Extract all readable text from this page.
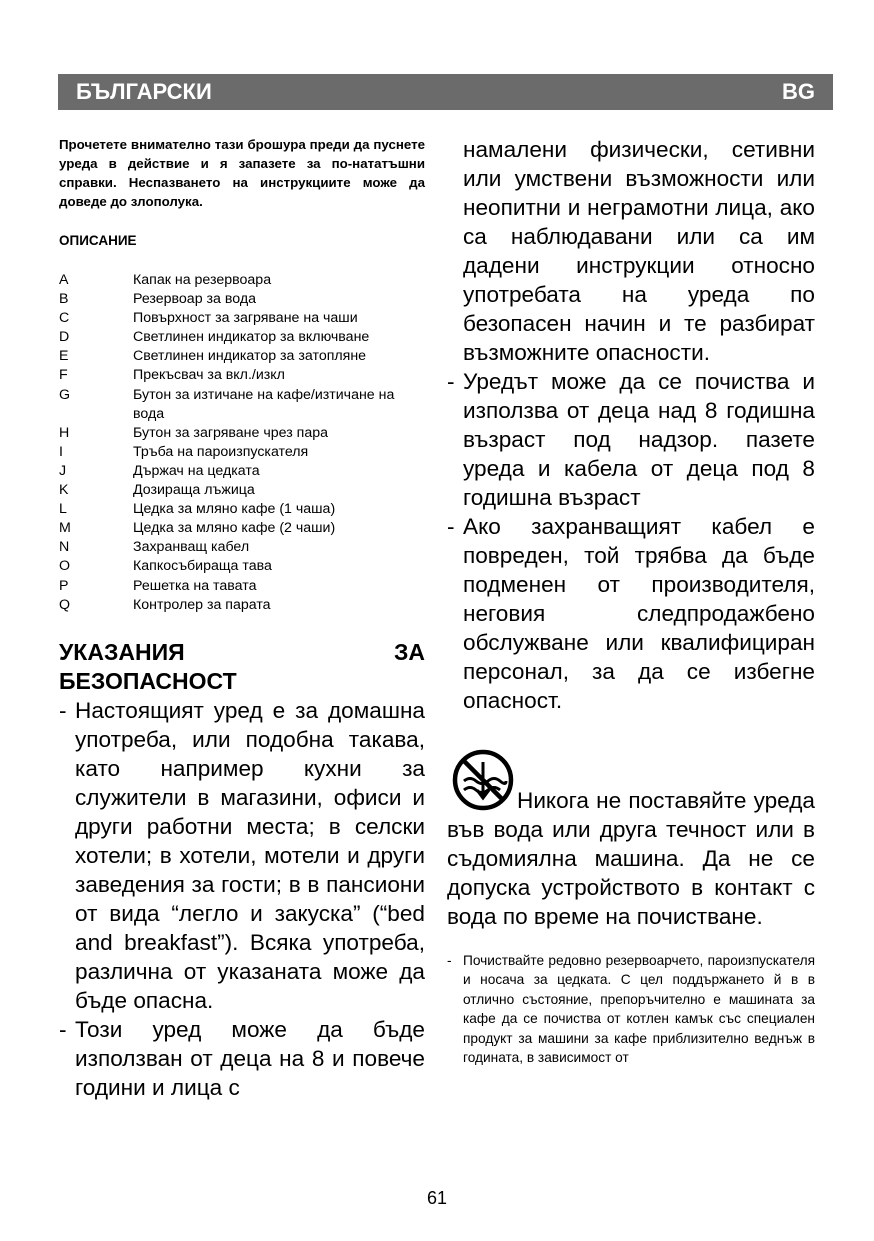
БЪЛГАРСКИ	BG

Прочетете внимателно тази брошура преди да пуснете уреда в действие и я запазете за по-нататъшни справки. Неспазването на инструкциите може да доведе до злополука.

ОПИСАНИЕ
A	Капак на резервоара
B	Резервоар за вода
C	Повърхност за загряване на чаши
D	Светлинен индикатор за включване
E	Светлинен индикатор за затопляне
F	Прекъсвач за вкл./изкл
G	Бутон за изтичане на кафе/изтичане на вода
H	Бутон за загряване чрез пара
I	Тръба на пароизпускателя
J	Държач на цедката
K	Дозираща лъжица
L	Цедка за мляно кафе (1 чаша)
M	Цедка за мляно кафе (2 чаши)
N	Захранващ кабел
O	Капкосъбираща тава
P	Решетка на тавата
Q	Контролер за парата
УКАЗАНИЯ	ЗА
БЕЗОПАСНОСТ
- Настоящият уред е за домашна употреба, или подобна такава, като например кухни за служители в магазини, офиси и други работни места; в селски хотели; в хотели, мотели и други заведения за гости; в в пансиони от вида “легло и закуска” (“bed and breakfast”). Всяка употреба, различна от указаната може да бъде опасна.
- Този уред може да бъде използван от деца на 8 и повече години и лица с
намалени физически, сетивни или умствени възможности или неопитни и неграмотни лица, ако са наблюдавани или са им дадени инструкции относно употребата на уреда по безопасен начин и те разбират възможните опасности.
- Уредът може да се почиства и използва от деца над 8 годишна възраст под надзор. пазете уреда и кабела от деца под 8 годишна възраст
- Ако захранващият кабел е повреден, той трябва да бъде подменен от производителя, неговия следпродажбено обслужване или квалифициран персонал, за да се избегне опасност.
Никога не поставяйте уреда във вода или друга течност или в съдомиялна машина. Да не се допуска устройството в контакт с вода по време на почистване.
- Почиствайте редовно резервоарчето, пароизпускателя и носача за цедката. С цел поддържането й в в отлично състояние, препоръчително е машината за кафе да се почиства от котлен камък със специален продукт за машини за кафе приблизително веднъж в годината, в зависимост от
61
